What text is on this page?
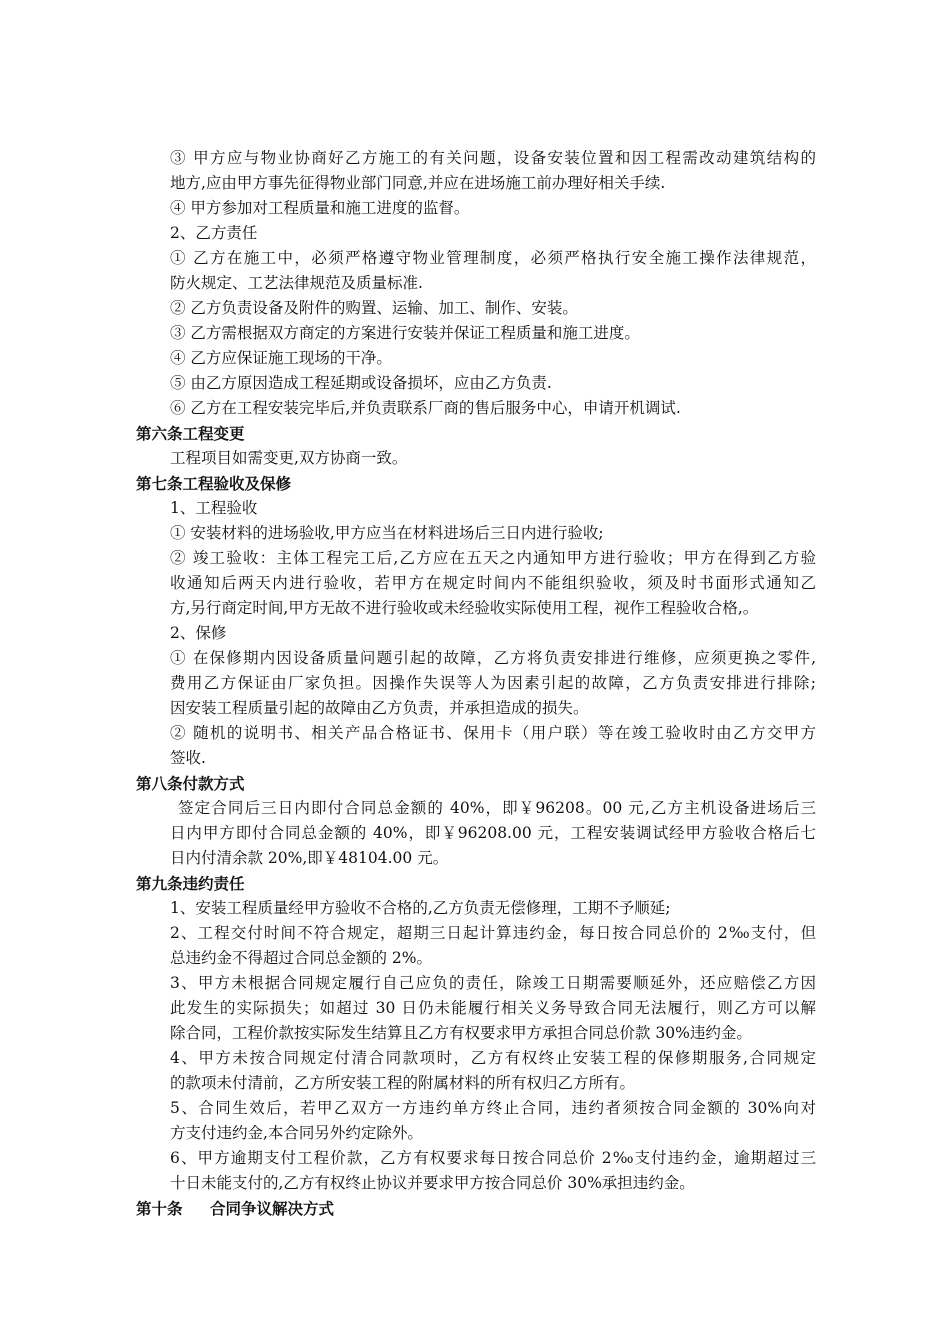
③ 甲方应与物业协商好乙方施工的有关问题，设备安装位置和因工程需改动建筑结构的
地方,应由甲方事先征得物业部门同意,并应在进场施工前办理好相关手续.
④ 甲方参加对工程质量和施工进度的监督。
2、乙方责任
① 乙方在施工中，必须严格遵守物业管理制度，必须严格执行安全施工操作法律规范，
防火规定、工艺法律规范及质量标准.
② 乙方负责设备及附件的购置、运输、加工、制作、安装。
③ 乙方需根据双方商定的方案进行安装并保证工程质量和施工进度。
④ 乙方应保证施工现场的干净。
⑤ 由乙方原因造成工程延期或设备损坏，应由乙方负责.
⑥ 乙方在工程安装完毕后,并负责联系厂商的售后服务中心，申请开机调试.
第六条工程变更
工程项目如需变更,双方协商一致。
第七条工程验收及保修
1、工程验收
① 安装材料的进场验收,甲方应当在材料进场后三日内进行验收;
② 竣工验收：主体工程完工后,乙方应在五天之内通知甲方进行验收；甲方在得到乙方验
收通知后两天内进行验收，若甲方在规定时间内不能组织验收，须及时书面形式通知乙
方,另行商定时间,甲方无故不进行验收或未经验收实际使用工程，视作工程验收合格,。
2、保修
① 在保修期内因设备质量问题引起的故障，乙方将负责安排进行维修，应须更换之零件,
费用乙方保证由厂家负担。因操作失误等人为因素引起的故障，乙方负责安排进行排除;
因安装工程质量引起的故障由乙方负责，并承担造成的损失。
② 随机的说明书、相关产品合格证书、保用卡（用户联）等在竣工验收时由乙方交甲方
签收.
第八条付款方式
签定合同后三日内即付合同总金额的 40%，即￥96208。00 元,乙方主机设备进场后三
日内甲方即付合同总金额的 40%，即￥96208.00 元，工程安装调试经甲方验收合格后七
日内付清余款 20%,即￥48104.00 元。
第九条违约责任
1、安装工程质量经甲方验收不合格的,乙方负责无偿修理，工期不予顺延;
2、工程交付时间不符合规定，超期三日起计算违约金，每日按合同总价的 2‰支付，但
总违约金不得超过合同总金额的 2%。
3、甲方未根据合同规定履行自己应负的责任，除竣工日期需要顺延外，还应赔偿乙方因
此发生的实际损失；如超过 30 日仍未能履行相关义务导致合同无法履行，则乙方可以解
除合同，工程价款按实际发生结算且乙方有权要求甲方承担合同总价款 30%违约金。
4、甲方未按合同规定付清合同款项时，乙方有权终止安装工程的保修期服务,合同规定
的款项未付清前，乙方所安装工程的附属材料的所有权归乙方所有。
5、合同生效后，若甲乙双方一方违约单方终止合同，违约者须按合同金额的 30%向对
方支付违约金,本合同另外约定除外。
6、甲方逾期支付工程价款，乙方有权要求每日按合同总价 2‰支付违约金，逾期超过三
十日未能支付的,乙方有权终止协议并要求甲方按合同总价 30%承担违约金。
第十条 合同争议解决方式
